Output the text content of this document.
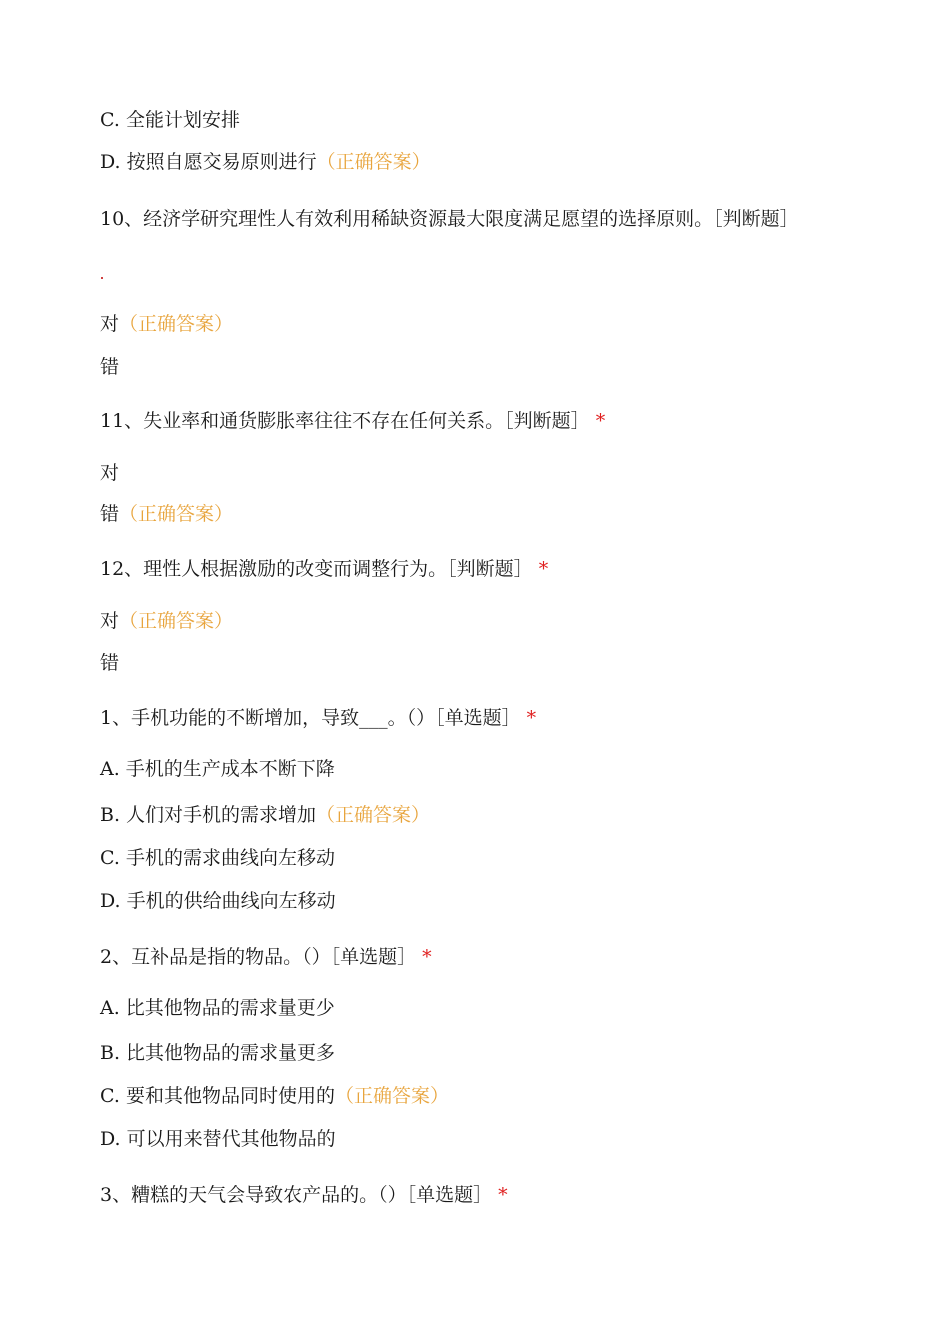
C. 全能计划安排
D. 按照自愿交易原则进行（正确答案）
10、经济学研究理性人有效利用稀缺资源最大限度满足愿望的选择原则。［判断题］
对（正确答案）
错
11、失业率和通货膨胀率往往不存在任何关系。［判断题］ *
对
错（正确答案）
12、理性人根据激励的改变而调整行为。［判断题］ *
对（正确答案）
错
1、手机功能的不断增加，导致___。（）［单选题］ *
A. 手机的生产成本不断下降
B. 人们对手机的需求增加（正确答案）
C. 手机的需求曲线向左移动
D. 手机的供给曲线向左移动
2、互补品是指的物品。（）［单选题］ *
A. 比其他物品的需求量更少
B. 比其他物品的需求量更多
C. 要和其他物品同时使用的（正确答案）
D. 可以用来替代其他物品的
3、糟糕的天气会导致农产品的。（）［单选题］ *
